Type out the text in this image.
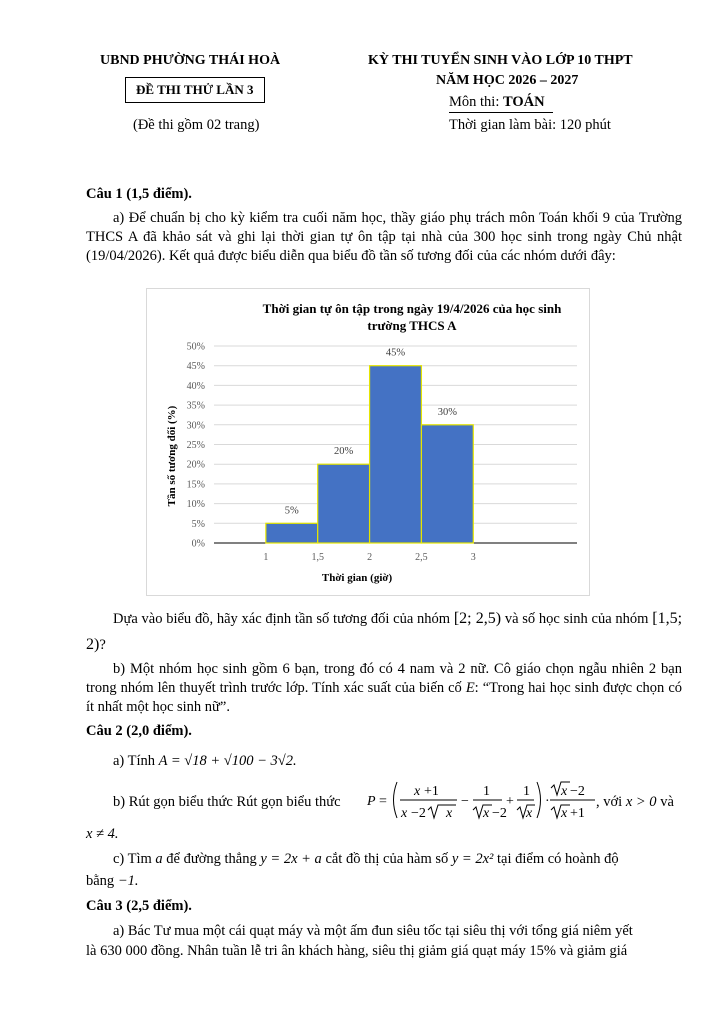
UBND PHƯỜNG THÁI HOÀ
ĐỀ THI THỬ LẦN 3
(Đề thi gồm 02 trang)
KỲ THI TUYỂN SINH VÀO LỚP 10 THPT
NĂM HỌC 2026 – 2027
Môn thi: TOÁN
Thời gian làm bài: 120 phút
Câu 1 (1,5 điểm).
a) Để chuẩn bị cho kỳ kiểm tra cuối năm học, thầy giáo phụ trách môn Toán khối 9 của Trường THCS A đã khảo sát và ghi lại thời gian tự ôn tập tại nhà của 300 học sinh trong ngày Chủ nhật (19/04/2026). Kết quả được biểu diễn qua biểu đồ tần số tương đối của các nhóm dưới đây:
Thời gian tự ôn tập trong ngày 19/4/2026 của học sinh
trường THCS A
0%
5%
10%
15%
20%
25%
30%
35%
40%
45%
50%
1	1,5	2	2,5	3
5%
20%
45%
30%
Thời gian (giờ)
Tần số tương đối (%)
Dựa vào biểu đồ, hãy xác định tần số tương đối của nhóm [2; 2,5) và số học sinh của nhóm [1,5; 2)?
b) Một nhóm học sinh gồm 6 bạn, trong đó có 4 nam và 2 nữ. Cô giáo chọn ngẫu nhiên 2 bạn trong nhóm lên thuyết trình trước lớp. Tính xác suất của biến cố E: “Trong hai học sinh được chọn có ít nhất một học sinh nữ”.
Câu 2 (2,0 điểm).
a) Tính A = √18 + √100 − 3√2.
b) Rút gọn biểu thức Rút gọn biểu thức P =
x +1
x −2 x
−
1
x −2
+
1
x
·
x −2
x +1
, với x > 0 và
x ≠ 4.
c) Tìm a để đường thẳng y = 2x + a cắt đồ thị của hàm số y = 2x² tại điểm có hoành độ
bằng −1.
Câu 3 (2,5 điểm).
a) Bác Tư mua một cái quạt máy và một ấm đun siêu tốc tại siêu thị với tổng giá niêm yết
là 630 000 đồng. Nhân tuần lễ tri ân khách hàng, siêu thị giảm giá quạt máy 15% và giảm giá
